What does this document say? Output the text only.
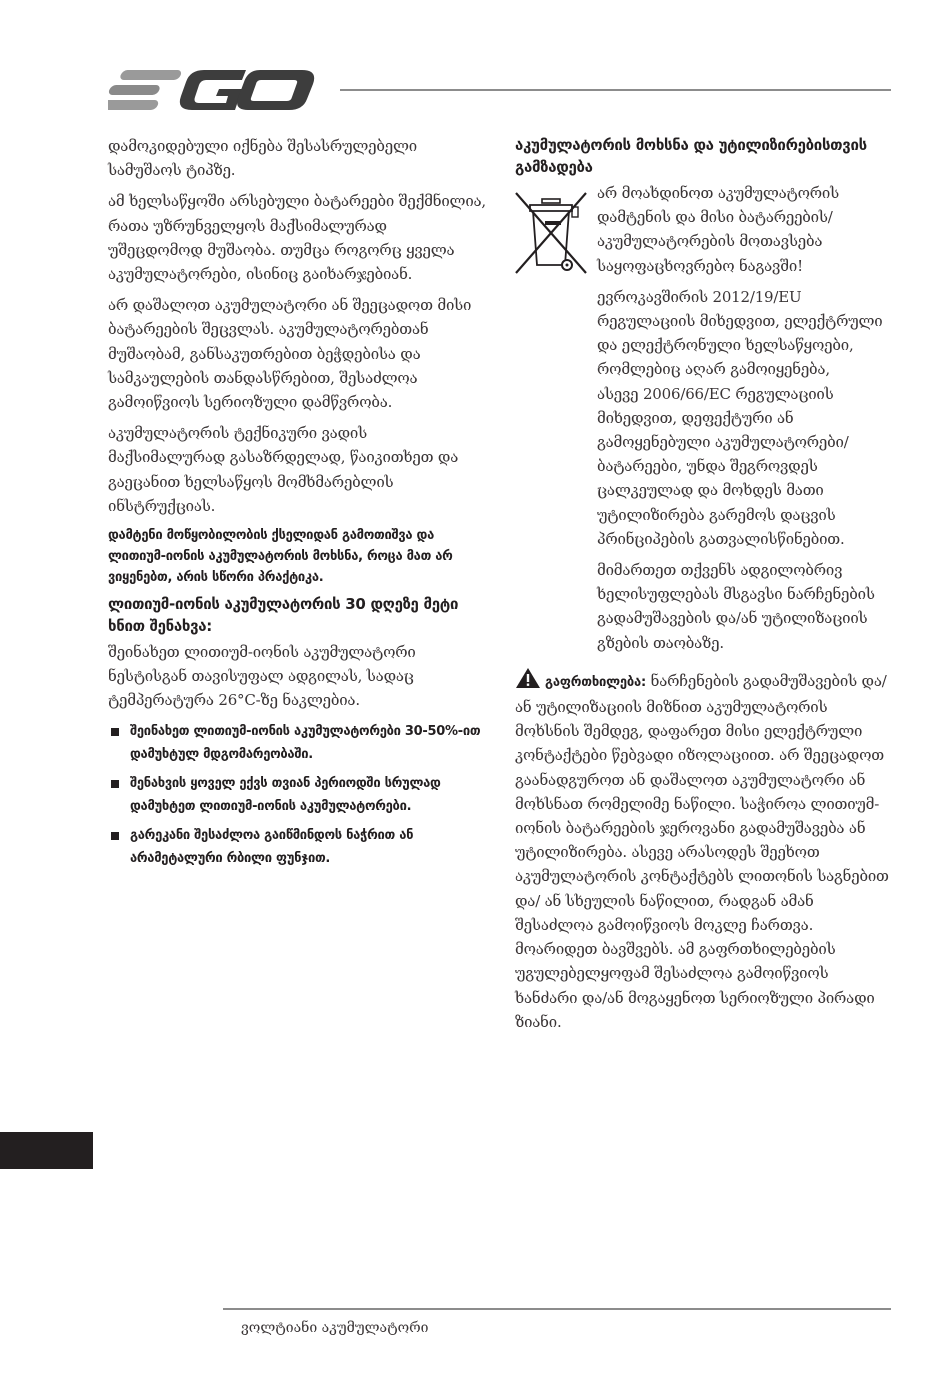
დამოკიდებული იქნება შესასრულებელი სამუშაოს ტიპზე.

ამ ხელსაწყოში არსებული ბატარეები შექმნილია, რათა უზრუნველყოს მაქსიმალურად უშეცდომოდ მუშაობა. თუმცა როგორც ყველა აკუმულატორები, ისინიც გაიხარჯებიან.

არ დაშალოთ აკუმულატორი ან შეეცადოთ მისი ბატარეების შეცვლას. აკუმულატორებთან მუშაობამ, განსაკუთრებით ბეჭდებისა და სამკაულების თანდასწრებით, შესაძლოა გამოიწვიოს სერიოზული დამწვრობა.

აკუმულატორის ტექნიკური ვადის მაქსიმალურად გასაზრდელად, წაიკითხეთ და გაეცანით ხელსაწყოს მომხმარებლის ინსტრუქციას.

დამტენი მოწყობილობის ქსელიდან გამოთიშვა და ლითიუმ-იონის აკუმულატორის მოხსნა, როცა მათ არ ვიყენებთ, არის სწორი პრაქტიკა.

ლითიუმ-იონის აკუმულატორის 30 დღეზე მეტი ხნით შენახვა:

შეინახეთ ლითიუმ-იონის აკუმულატორი ნესტისგან თავისუფალ ადგილას, სადაც ტემპერატურა 26°C-ზე ნაკლებია.

შეინახეთ ლითიუმ-იონის აკუმულატორები 30-50%-ით დამუხტულ მდგომარეობაში.
შენახვის ყოველ ექვს თვიან პერიოდში სრულად დამუხტეთ ლითიუმ-იონის აკუმულატორები.
გარეკანი შესაძლოა გაიწმინდოს ნაჭრით ან არამეტალური რბილი ფუნჯით.

აკუმულატორის მოხსნა და უტილიზირებისთვის გამზადება

არ მოახდინოთ აკუმულატორის დამტენის და მისი ბატარეების/ აკუმულატორების მოთავსება საყოფაცხოვრებო ნაგავში!

ევროკავშირის 2012/19/EU რეგულაციის მიხედვით, ელექტრული და ელექტრონული ხელსაწყოები, რომლებიც აღარ გამოიყენება,

ასევე 2006/66/EC რეგულაციის მიხედვით, დეფექტური ან გამოყენებული აკუმულატორები/ ბატარეები, უნდა შეგროვდეს ცალკეულად და მოხდეს მათი უტილიზირება გარემოს დაცვის პრინციპების გათვალისწინებით.

მიმართეთ თქვენს ადგილობრივ ხელისუფლებას მსგავსი ნარჩენების გადამუშავების და/ან უტილიზაციის გზების თაობაზე.

გაფრთხილება: ნარჩენების გადამუშავების და/ან უტილიზაციის მიზნით აკუმულატორის მოხსნის შემდეგ, დაფარეთ მისი ელექტრული კონტაქტები წებვადი იზოლაციით. არ შეეცადოთ გაანადგუროთ ან დაშალოთ აკუმულატორი ან მოხსნათ რომელიმე ნაწილი. საჭიროა ლითიუმ-იონის ბატარეების ჯეროვანი გადამუშავება ან უტილიზირება. ასევე არასოდეს შეეხოთ აკუმულატორის კონტაქტებს ლითონის საგნებით და/ ან სხეულის ნაწილით, რადგან ამან შესაძლოა გამოიწვიოს მოკლე ჩართვა. მოარიდეთ ბავშვებს. ამ გაფრთხილებების უგულებელყოფამ შესაძლოა გამოიწვიოს ხანძარი და/ან მოგაყენოთ სერიოზული პირადი ზიანი.

ვოლტიანი აკუმულატორი
